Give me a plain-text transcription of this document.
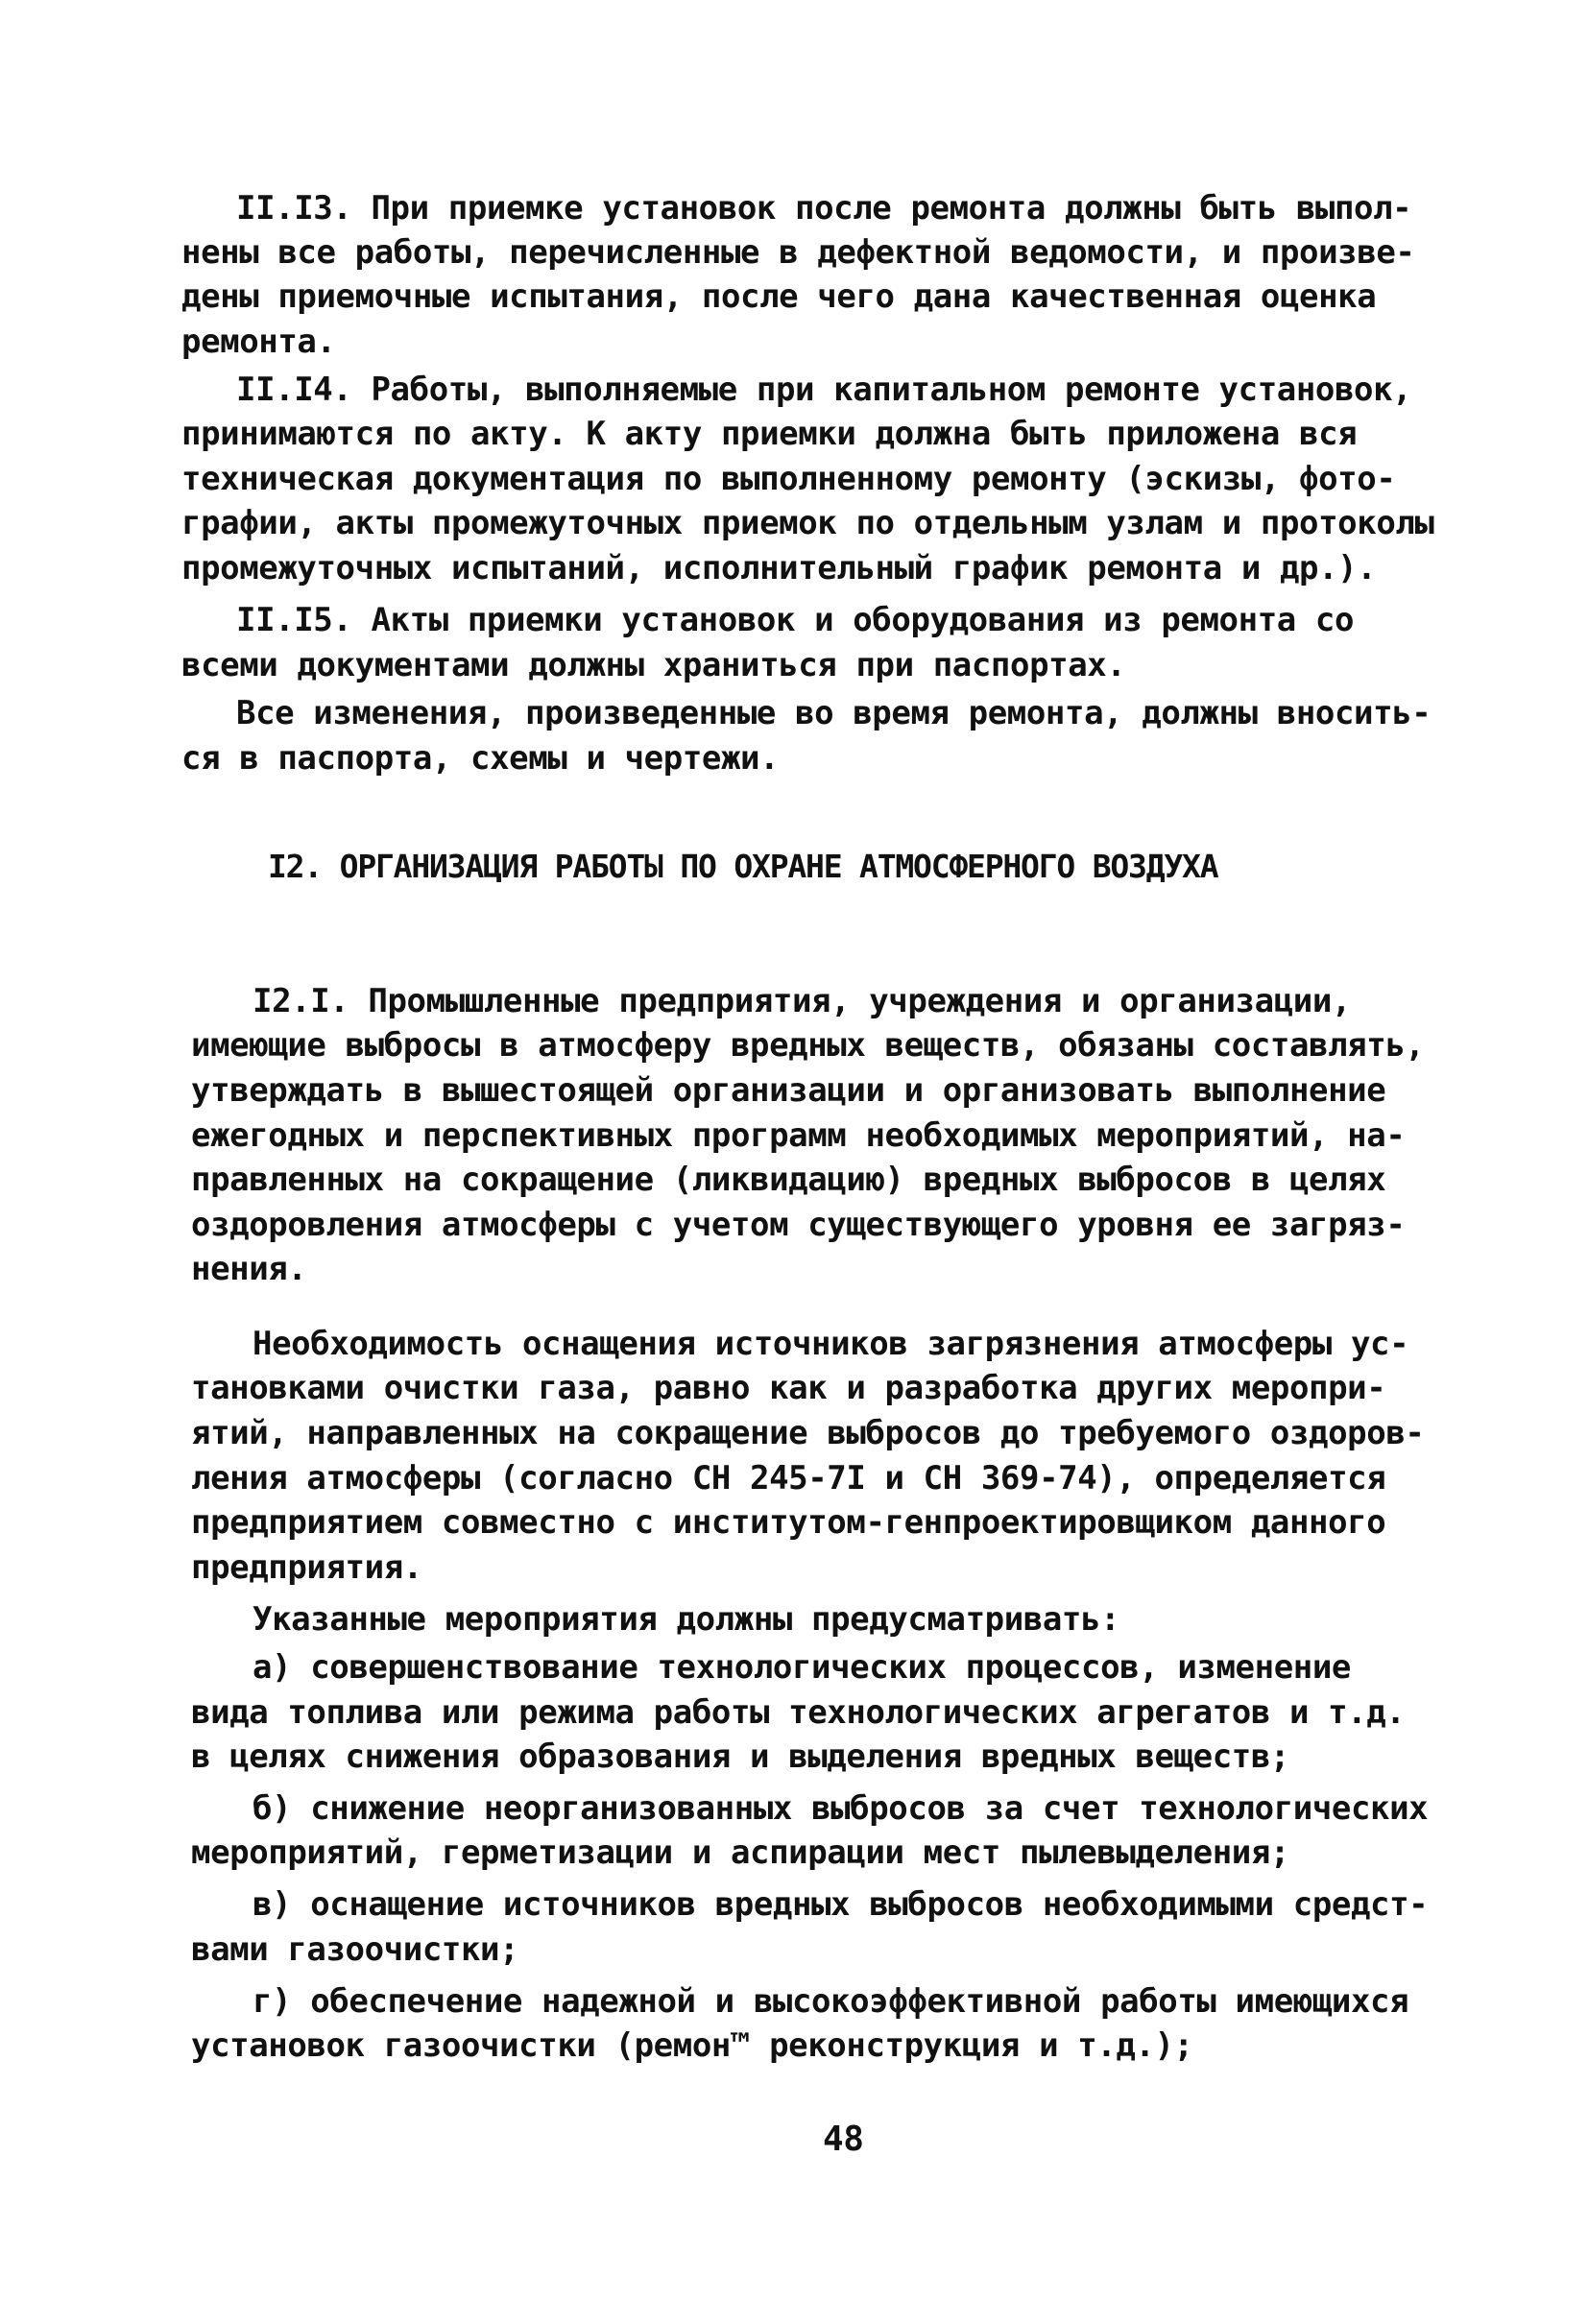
II.I3. При приемке установок после ремонта должны быть выпол-
нены все работы, перечисленные в дефектной ведомости, и произве-
дены приемочные испытания, после чего дана качественная оценка
ремонта.
II.I4. Работы, выполняемые при капитальном ремонте установок,
принимаются по акту. К акту приемки должна быть приложена вся
техническая документация по выполненному ремонту (эскизы, фото-
графии, акты промежуточных приемок по отдельным узлам и протоколы
промежуточных испытаний, исполнительный график ремонта и др.).
II.I5. Акты приемки установок и оборудования из ремонта со
всеми документами должны храниться при паспортах.
Все изменения, произведенные во время ремонта, должны вносить-
ся в паспорта, схемы и чертежи.
I2. ОРГАНИЗАЦИЯ РАБОТЫ ПО ОХРАНЕ АТМОСФЕРНОГО ВОЗДУХА
I2.I. Промышленные предприятия, учреждения и организации,
имеющие выбросы в атмосферу вредных веществ, обязаны составлять,
утверждать в вышестоящей организации и организовать выполнение
ежегодных и перспективных программ необходимых мероприятий, на-
правленных на сокращение (ликвидацию) вредных выбросов в целях
оздоровления атмосферы с учетом существующего уровня ее загряз-
нения.
Необходимость оснащения источников загрязнения атмосферы ус-
тановками очистки газа, равно как и разработка других меропри-
ятий, направленных на сокращение выбросов до требуемого оздоров-
ления атмосферы (согласно СН 245-7I и СН 369-74), определяется
предприятием совместно с институтом-генпроектировщиком данного
предприятия.
Указанные мероприятия должны предусматривать:
а) совершенствование технологических процессов, изменение
вида топлива или режима работы технологических агрегатов и т.д.
в целях снижения образования и выделения вредных веществ;
б) снижение неорганизованных выбросов за счет технологических
мероприятий, герметизации и аспирации мест пылевыделения;
в) оснащение источников вредных выбросов необходимыми средст-
вами газоочистки;
г) обеспечение надежной и высокоэффективной работы имеющихся
установок газоочистки (ремон™ реконструкция и т.д.);
48
